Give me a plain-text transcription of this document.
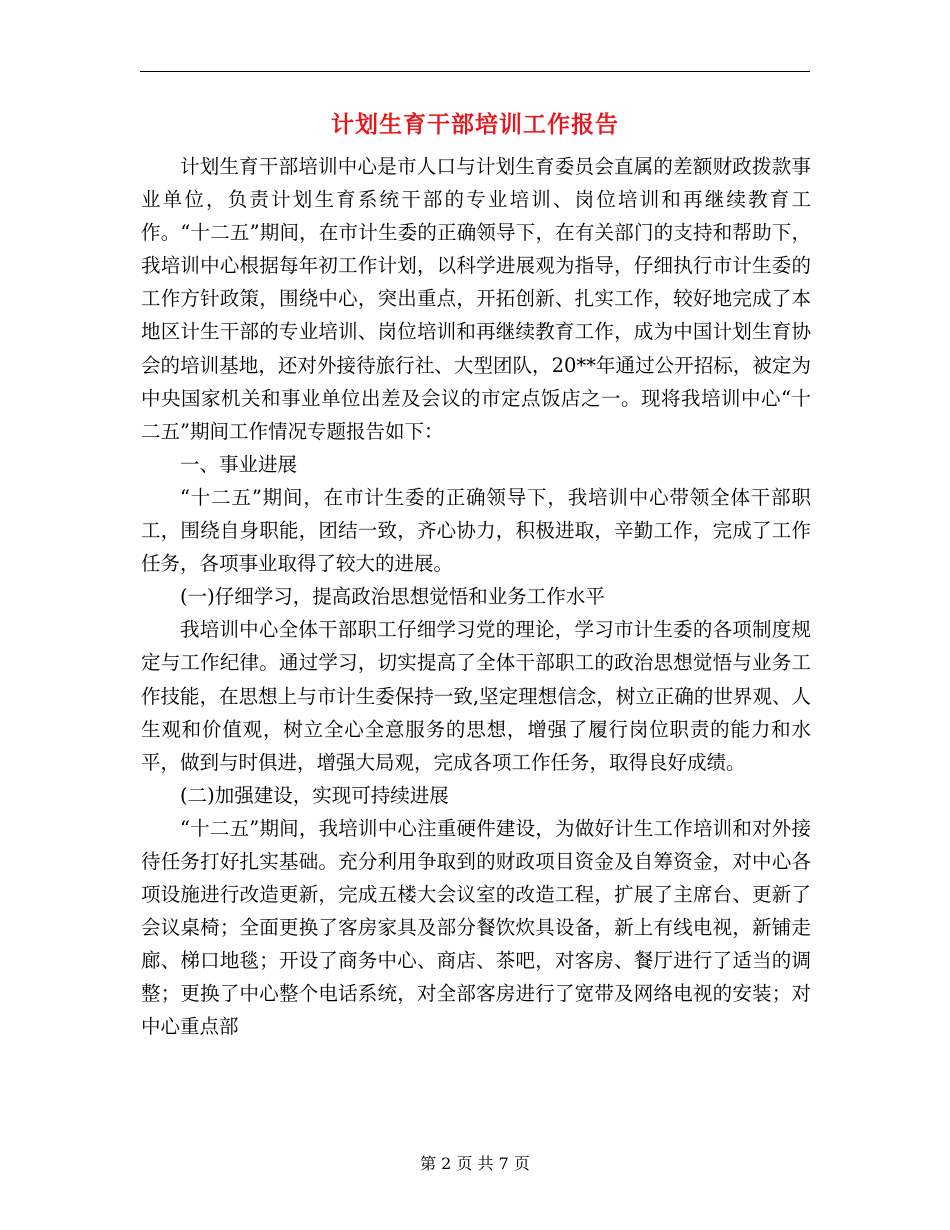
计划生育干部培训工作报告

计划生育干部培训中心是市人口与计划生育委员会直属的差额财政拨款事业单位，负责计划生育系统干部的专业培训、岗位培训和再继续教育工作。“十二五”期间，在市计生委的正确领导下，在有关部门的支持和帮助下，我培训中心根据每年初工作计划，以科学进展观为指导，仔细执行市计生委的工作方针政策，围绕中心，突出重点，开拓创新、扎实工作，较好地完成了本地区计生干部的专业培训、岗位培训和再继续教育工作，成为中国计划生育协会的培训基地，还对外接待旅行社、大型团队，20**年通过公开招标，被定为中央国家机关和事业单位出差及会议的市定点饭店之一。现将我培训中心“十二五”期间工作情况专题报告如下：

一、事业进展

“十二五”期间，在市计生委的正确领导下，我培训中心带领全体干部职工，围绕自身职能，团结一致，齐心协力，积极进取，辛勤工作，完成了工作任务，各项事业取得了较大的进展。

(一)仔细学习，提高政治思想觉悟和业务工作水平

我培训中心全体干部职工仔细学习党的理论，学习市计生委的各项制度规定与工作纪律。通过学习，切实提高了全体干部职工的政治思想觉悟与业务工作技能，在思想上与市计生委保持一致,坚定理想信念，树立正确的世界观、人生观和价值观，树立全心全意服务的思想，增强了履行岗位职责的能力和水平，做到与时俱进，增强大局观，完成各项工作任务，取得良好成绩。

(二)加强建设，实现可持续进展

“十二五”期间，我培训中心注重硬件建设，为做好计生工作培训和对外接待任务打好扎实基础。充分利用争取到的财政项目资金及自筹资金，对中心各项设施进行改造更新，完成五楼大会议室的改造工程，扩展了主席台、更新了会议桌椅；全面更换了客房家具及部分餐饮炊具设备，新上有线电视，新铺走廊、梯口地毯；开设了商务中心、商店、茶吧，对客房、餐厅进行了适当的调整；更换了中心整个电话系统，对全部客房进行了宽带及网络电视的安装；对中心重点部

第 2 页 共 7 页
